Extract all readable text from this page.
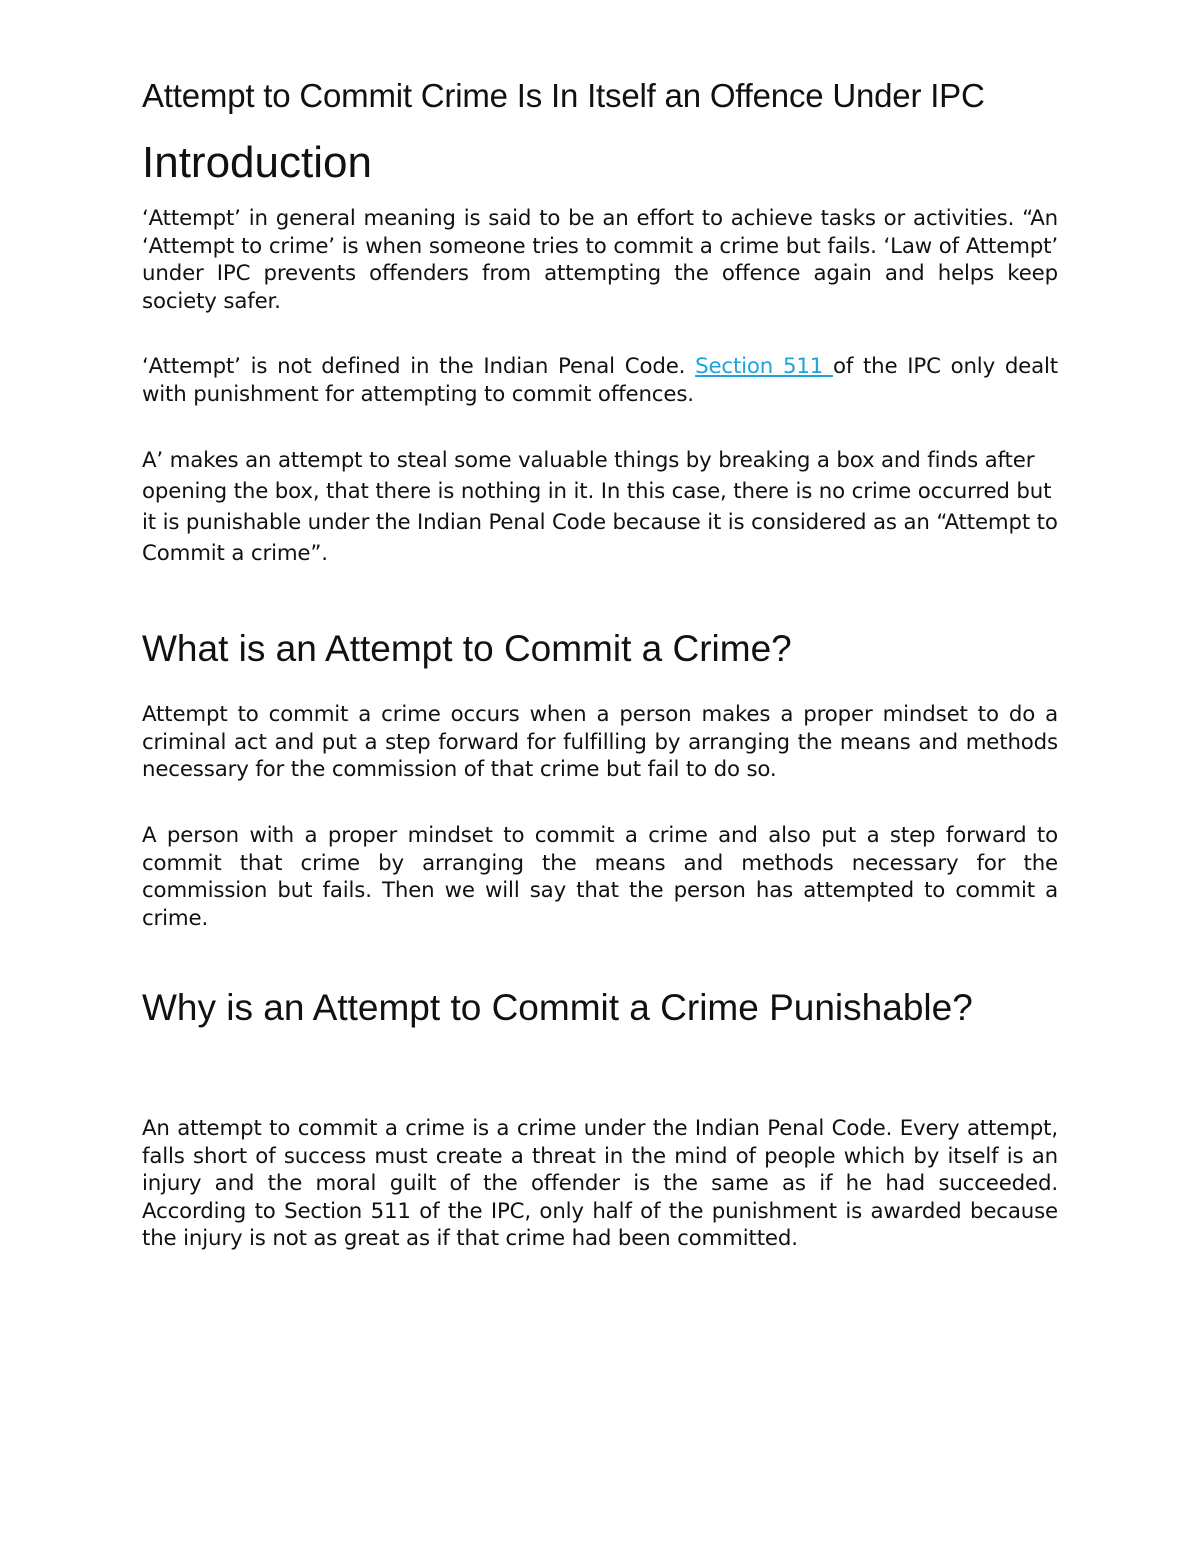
Attempt to Commit Crime Is In Itself an Offence Under IPC
Introduction

‘Attempt’ in general meaning is said to be an effort to achieve tasks or activities. “An ‘Attempt to crime’ is when someone tries to commit a crime but fails. ‘Law of Attempt’ under IPC prevents offenders from attempting the offence again and helps keep society safer.

‘Attempt’ is not defined in the Indian Penal Code. Section 511 of the IPC only dealt with punishment for attempting to commit offences.

A’ makes an attempt to steal some valuable things by breaking a box and finds after opening the box, that there is nothing in it. In this case, there is no crime occurred but it is punishable under the Indian Penal Code because it is considered as an “Attempt to Commit a crime”.

What is an Attempt to Commit a Crime?

Attempt to commit a crime occurs when a person makes a proper mindset to do a criminal act and put a step forward for fulfilling by arranging the means and methods necessary for the commission of that crime but fail to do so.

A person with a proper mindset to commit a crime and also put a step forward to commit that crime by arranging the means and methods necessary for the commission but fails. Then we will say that the person has attempted to commit a crime.

Why is an Attempt to Commit a Crime Punishable?

An attempt to commit a crime is a crime under the Indian Penal Code. Every attempt, falls short of success must create a threat in the mind of people which by itself is an injury and the moral guilt of the offender is the same as if he had succeeded. According to Section 511 of the IPC, only half of the punishment is awarded because the injury is not as great as if that crime had been committed.
